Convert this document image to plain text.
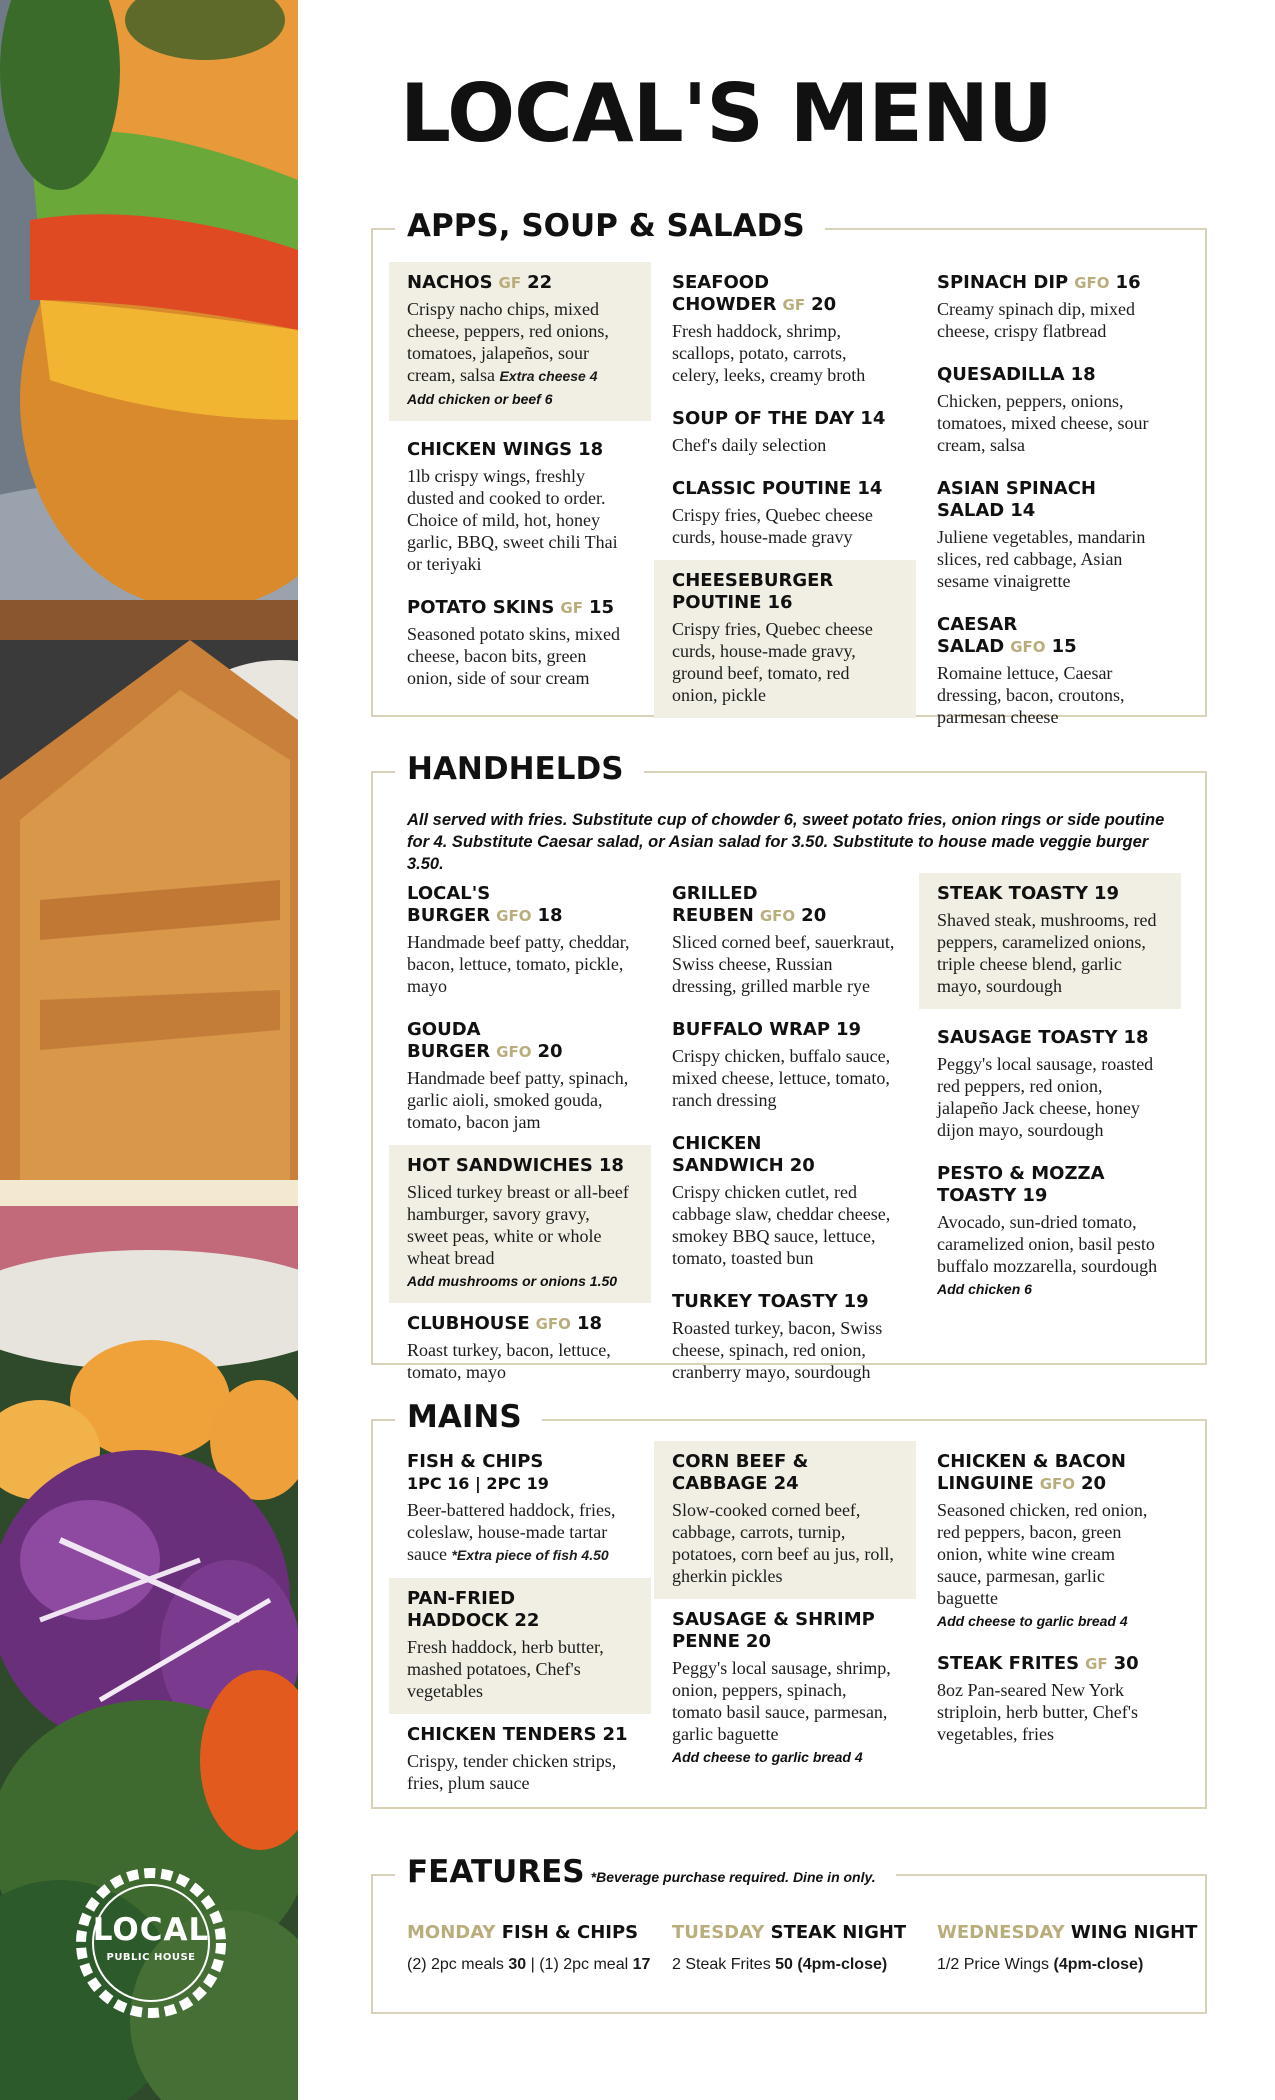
LOCAL
PUBLIC HOUSE
LOCAL'S MENU
APPS, SOUP & SALADS
NACHOS GF 22
Crispy nacho chips, mixed cheese, peppers, red onions, tomatoes, jalapeños, sour cream, salsa Extra cheese 4
Add chicken or beef 6
CHICKEN WINGS 18
1lb crispy wings, freshly dusted and cooked to order. Choice of mild, hot, honey garlic, BBQ, sweet chili Thai or teriyaki
POTATO SKINS GF 15
Seasoned potato skins, mixed cheese, bacon bits, green onion, side of sour cream
SEAFOOD CHOWDER GF 20
Fresh haddock, shrimp, scallops, potato, carrots, celery, leeks, creamy broth
SOUP OF THE DAY 14
Chef's daily selection
CLASSIC POUTINE 14
Crispy fries, Quebec cheese curds, house-made gravy
CHEESEBURGER POUTINE 16
Crispy fries, Quebec cheese curds, house-made gravy, ground beef, tomato, red onion, pickle
SPINACH DIP GFO 16
Creamy spinach dip, mixed cheese, crispy flatbread
QUESADILLA 18
Chicken, peppers, onions, tomatoes, mixed cheese, sour cream, salsa
ASIAN SPINACH SALAD 14
Juliene vegetables, mandarin slices, red cabbage, Asian sesame vinaigrette
CAESAR SALAD GFO 15
Romaine lettuce, Caesar dressing, bacon, croutons, parmesan cheese
HANDHELDS
All served with fries. Substitute cup of chowder 6, sweet potato fries, onion rings or side poutine for 4. Substitute Caesar salad, or Asian salad for 3.50. Substitute to house made veggie burger 3.50.
LOCAL'S BURGER GFO 18
Handmade beef patty, cheddar, bacon, lettuce, tomato, pickle, mayo
GOUDA BURGER GFO 20
Handmade beef patty, spinach, garlic aioli, smoked gouda, tomato, bacon jam
HOT SANDWICHES 18
Sliced turkey breast or all-beef hamburger, savory gravy, sweet peas, white or whole wheat bread
Add mushrooms or onions 1.50
CLUBHOUSE GFO 18
Roast turkey, bacon, lettuce, tomato, mayo
GRILLED REUBEN GFO 20
Sliced corned beef, sauerkraut, Swiss cheese, Russian dressing, grilled marble rye
BUFFALO WRAP 19
Crispy chicken, buffalo sauce, mixed cheese, lettuce, tomato, ranch dressing
CHICKEN SANDWICH 20
Crispy chicken cutlet, red cabbage slaw, cheddar cheese, smokey BBQ sauce, lettuce, tomato, toasted bun
TURKEY TOASTY 19
Roasted turkey, bacon, Swiss cheese, spinach, red onion, cranberry mayo, sourdough
STEAK TOASTY 19
Shaved steak, mushrooms, red peppers, caramelized onions, triple cheese blend, garlic mayo, sourdough
SAUSAGE TOASTY 18
Peggy's local sausage, roasted red peppers, red onion, jalapeño Jack cheese, honey dijon mayo, sourdough
PESTO & MOZZA TOASTY 19
Avocado, sun-dried tomato, caramelized onion, basil pesto buffalo mozzarella, sourdough
Add chicken 6
MAINS
FISH & CHIPS
1PC 16 | 2PC 19
Beer-battered haddock, fries, coleslaw, house-made tartar sauce *Extra piece of fish 4.50
PAN-FRIED HADDOCK 22
Fresh haddock, herb butter, mashed potatoes, Chef's vegetables
CHICKEN TENDERS 21
Crispy, tender chicken strips, fries, plum sauce
CORN BEEF & CABBAGE 24
Slow-cooked corned beef, cabbage, carrots, turnip, potatoes, corn beef au jus, roll, gherkin pickles
SAUSAGE & SHRIMP PENNE 20
Peggy's local sausage, shrimp, onion, peppers, spinach, tomato basil sauce, parmesan, garlic baguette
Add cheese to garlic bread 4
CHICKEN & BACON LINGUINE GFO 20
Seasoned chicken, red onion, red peppers, bacon, green onion, white wine cream sauce, parmesan, garlic baguette
Add cheese to garlic bread 4
STEAK FRITES GF 30
8oz Pan-seared New York striploin, herb butter, Chef's vegetables, fries
FEATURES *Beverage purchase required. Dine in only.
MONDAY FISH & CHIPS
(2) 2pc meals 30 | (1) 2pc meal 17
TUESDAY STEAK NIGHT
2 Steak Frites 50 (4pm-close)
WEDNESDAY WING NIGHT
1/2 Price Wings (4pm-close)
